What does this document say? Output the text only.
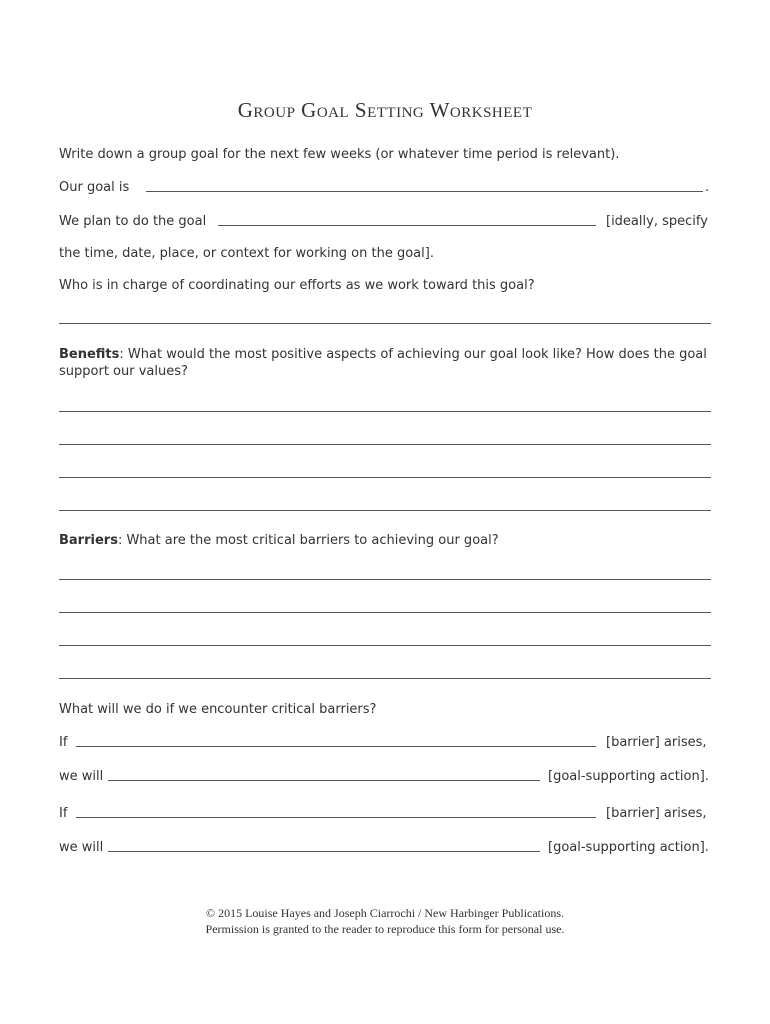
Group Goal Setting Worksheet
Write down a group goal for the next few weeks (or whatever time period is relevant).
Our goal is	.
We plan to do the goal	[ideally, specify
the time, date, place, or context for working on the goal].
Who is in charge of coordinating our efforts as we work toward this goal?
Benefits: What would the most positive aspects of achieving our goal look like? How does the goal support our values?
Barriers: What are the most critical barriers to achieving our goal?
What will we do if we encounter critical barriers?
If	[barrier] arises,
we will	[goal-supporting action].
If	[barrier] arises,
we will	[goal-supporting action].
© 2015 Louise Hayes and Joseph Ciarrochi / New Harbinger Publications.
Permission is granted to the reader to reproduce this form for personal use.
